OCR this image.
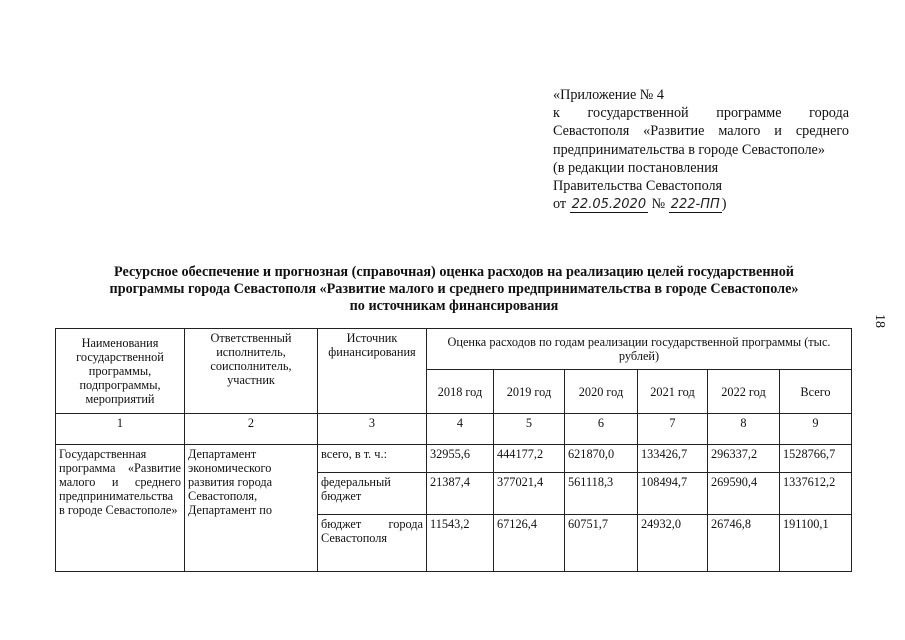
«Приложение № 4
к государственной программе города
Севастополя «Развитие малого и среднего
предпринимательства в городе Севастополе»
(в редакции постановления
Правительства Севастополя
от 22.05.2020 № 222-ПП )
18
Ресурсное обеспечение и прогнозная (справочная) оценка расходов на реализацию целей государственной
программы города Севастополя «Развитие малого и среднего предпринимательства в городе Севастополе»
по источникам финансирования
Наименования государственной программы, подпрограммы, мероприятий	Ответственный исполнитель, соисполнитель, участник	Источник финансирования	Оценка расходов по годам реализации государственной программы (тыс. рублей)					
			2018 год	2019 год	2020 год	2021 год	2022 год	Всего
1	2	3	4	5	6	7	8	9
Государственная программа «Развитие малого и среднего предпринимательства в городе Севастополе»	Департамент экономического развития города Севастополя, Департамент по	всего, в т. ч.:	32955,6	444177,2	621870,0	133426,7	296337,2	1528766,7
		федеральный бюджет	21387,4	377021,4	561118,3	108494,7	269590,4	1337612,2
		бюджет города Севастополя	11543,2	67126,4	60751,7	24932,0	26746,8	191100,1
